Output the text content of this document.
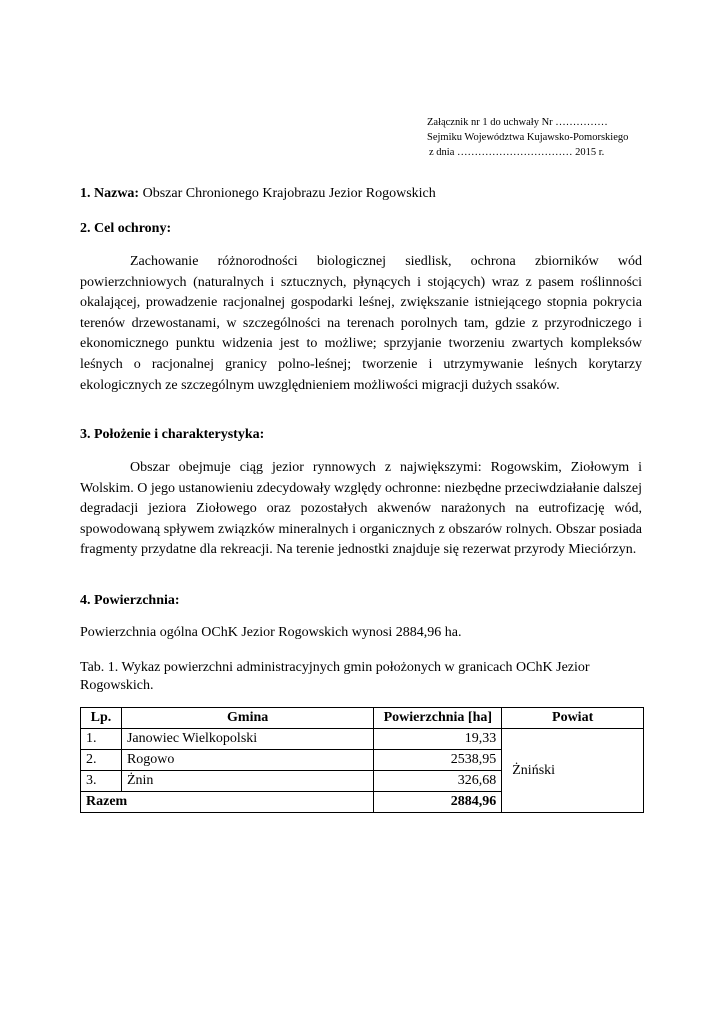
Załącznik nr 1 do uchwały Nr ……………
Sejmiku Województwa Kujawsko-Pomorskiego
z dnia …………………………… 2015 r.
1. Nazwa: Obszar Chronionego Krajobrazu Jezior Rogowskich
2. Cel ochrony:

Zachowanie różnorodności biologicznej siedlisk, ochrona zbiorników wód powierzchniowych (naturalnych i sztucznych, płynących i stojących) wraz z pasem roślinności okalającej, prowadzenie racjonalnej gospodarki leśnej, zwiększanie istniejącego stopnia pokrycia terenów drzewostanami, w szczególności na terenach porolnych tam, gdzie z przyrodniczego i ekonomicznego punktu widzenia jest to możliwe; sprzyjanie tworzeniu zwartych kompleksów leśnych o racjonalnej granicy polno-leśnej; tworzenie i utrzymywanie leśnych korytarzy ekologicznych ze szczególnym uwzględnieniem możliwości migracji dużych ssaków.

3. Położenie i charakterystyka:

Obszar obejmuje ciąg jezior rynnowych z największymi: Rogowskim, Ziołowym i Wolskim. O jego ustanowieniu zdecydowały względy ochronne: niezbędne przeciwdziałanie dalszej degradacji jeziora Ziołowego oraz pozostałych akwenów narażonych na eutrofizację wód, spowodowaną spływem związków mineralnych i organicznych z obszarów rolnych. Obszar posiada fragmenty przydatne dla rekreacji. Na terenie jednostki znajduje się rezerwat przyrody Mieciórzyn.

4. Powierzchnia:

Powierzchnia ogólna OChK Jezior Rogowskich wynosi 2884,96 ha.

Tab. 1. Wykaz powierzchni administracyjnych gmin położonych w granicach OChK Jezior Rogowskich.

Lp.	Gmina	Powierzchnia [ha]	Powiat
1.	Janowiec Wielkopolski	19,33	Żniński
2.	Rogowo	2538,95	
3.	Żnin	326,68	
Razem		2884,96	
